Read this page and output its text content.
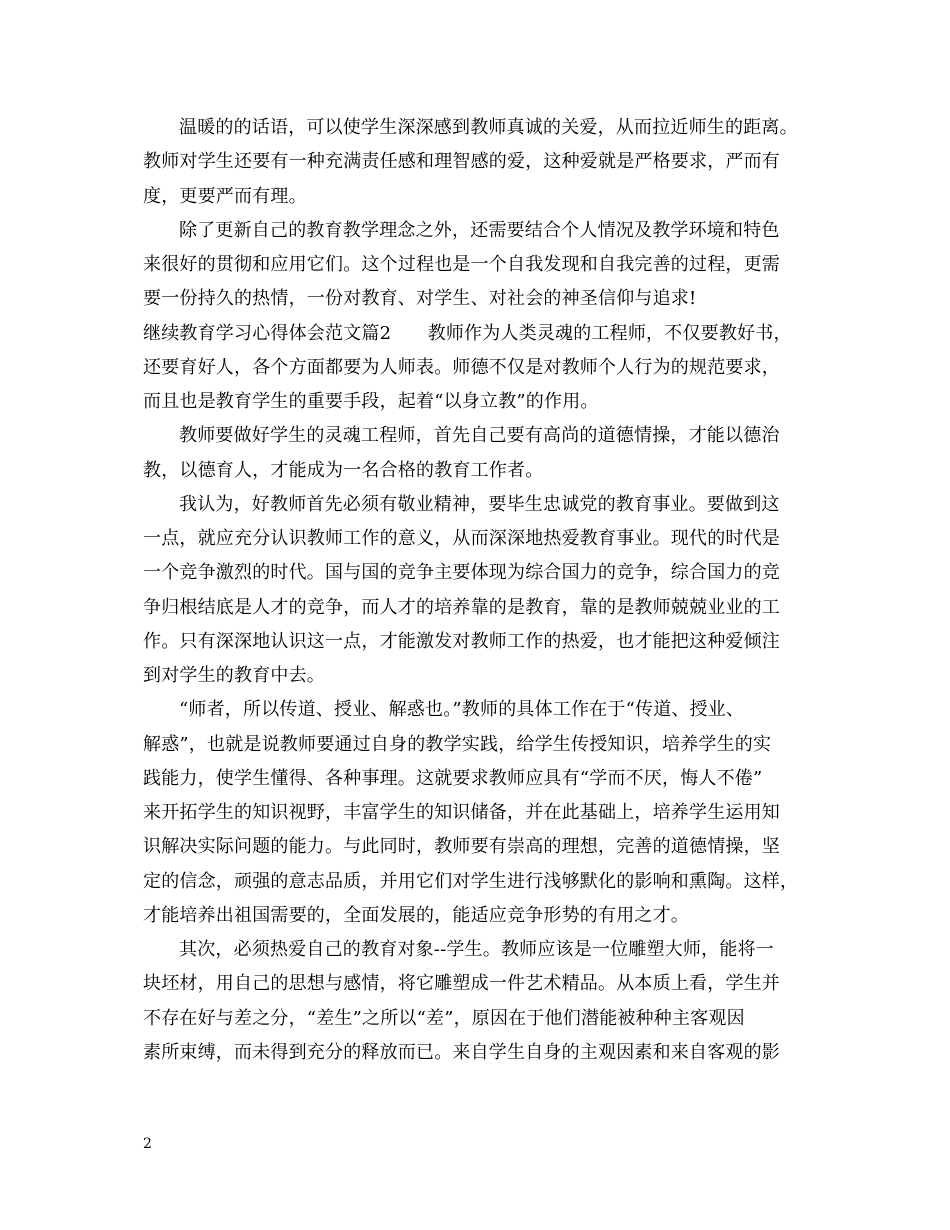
温暖的的话语，可以使学生深深感到教师真诚的关爱，从而拉近师生的距离。
教师对学生还要有一种充满责任感和理智感的爱，这种爱就是严格要求，严而有
度，更要严而有理。
除了更新自己的教育教学理念之外，还需要结合个人情况及教学环境和特色
来很好的贯彻和应用它们。这个过程也是一个自我发现和自我完善的过程，更需
要一份持久的热情，一份对教育、对学生、对社会的神圣信仰与追求!
继续教育学习心得体会范文篇2　　教师作为人类灵魂的工程师，不仅要教好书，
还要育好人，各个方面都要为人师表。师德不仅是对教师个人行为的规范要求，
而且也是教育学生的重要手段，起着“以身立教”的作用。
教师要做好学生的灵魂工程师，首先自己要有高尚的道德情操，才能以德治
教，以德育人，才能成为一名合格的教育工作者。
我认为，好教师首先必须有敬业精神，要毕生忠诚党的教育事业。要做到这
一点，就应充分认识教师工作的意义，从而深深地热爱教育事业。现代的时代是
一个竞争激烈的时代。国与国的竞争主要体现为综合国力的竞争，综合国力的竞
争归根结底是人才的竞争，而人才的培养靠的是教育，靠的是教师兢兢业业的工
作。只有深深地认识这一点，才能激发对教师工作的热爱，也才能把这种爱倾注
到对学生的教育中去。
“师者，所以传道、授业、解惑也。”教师的具体工作在于“传道、授业、
解惑”，也就是说教师要通过自身的教学实践，给学生传授知识，培养学生的实
践能力，使学生懂得、各种事理。这就要求教师应具有“学而不厌，悔人不倦”
来开拓学生的知识视野，丰富学生的知识储备，并在此基础上，培养学生运用知
识解决实际问题的能力。与此同时，教师要有崇高的理想，完善的道德情操，坚
定的信念，顽强的意志品质，并用它们对学生进行浅够默化的影响和熏陶。这样，
才能培养出祖国需要的，全面发展的，能适应竞争形势的有用之才。
其次，必须热爱自己的教育对象--学生。教师应该是一位雕塑大师，能将一
块坯材，用自己的思想与感情，将它雕塑成一件艺术精品。从本质上看，学生并
不存在好与差之分，“差生”之所以“差”，原因在于他们潜能被种种主客观因
素所束缚，而未得到充分的释放而已。来自学生自身的主观因素和来自客观的影
2
